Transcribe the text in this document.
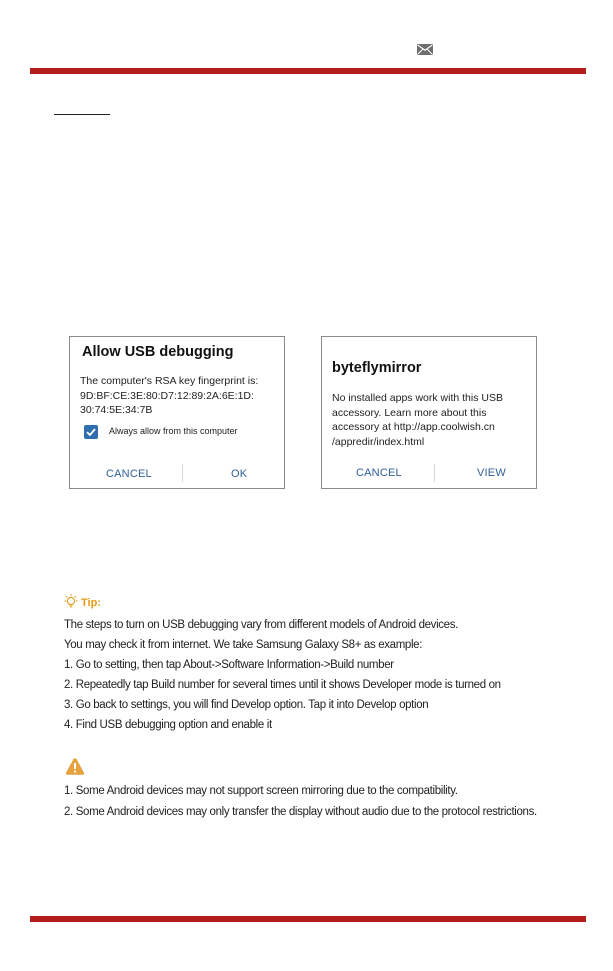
Allow USB debugging
The computer's RSA key fingerprint is:
9D:BF:CE:3E:80:D7:12:89:2A:6E:1D:
30:74:5E:34:7B
Always allow from this computer
CANCEL	OK
byteflymirror
No installed apps work with this USB
accessory. Learn more about this
accessory at http://app.coolwish.cn
/appredir/index.html
CANCEL	VIEW
Tip:
The steps to turn on USB debugging vary from different models of Android devices.
You may check it from internet. We take Samsung Galaxy S8+ as example:
1. Go to setting, then tap About->Software Information->Build number
2. Repeatedly tap Build number for several times until it shows Developer mode is turned on
3. Go back to settings, you will find Develop option. Tap it into Develop option
4. Find USB debugging option and enable it
1. Some Android devices may not support screen mirroring due to the compatibility.
2. Some Android devices may only transfer the display without audio due to the protocol restrictions.
